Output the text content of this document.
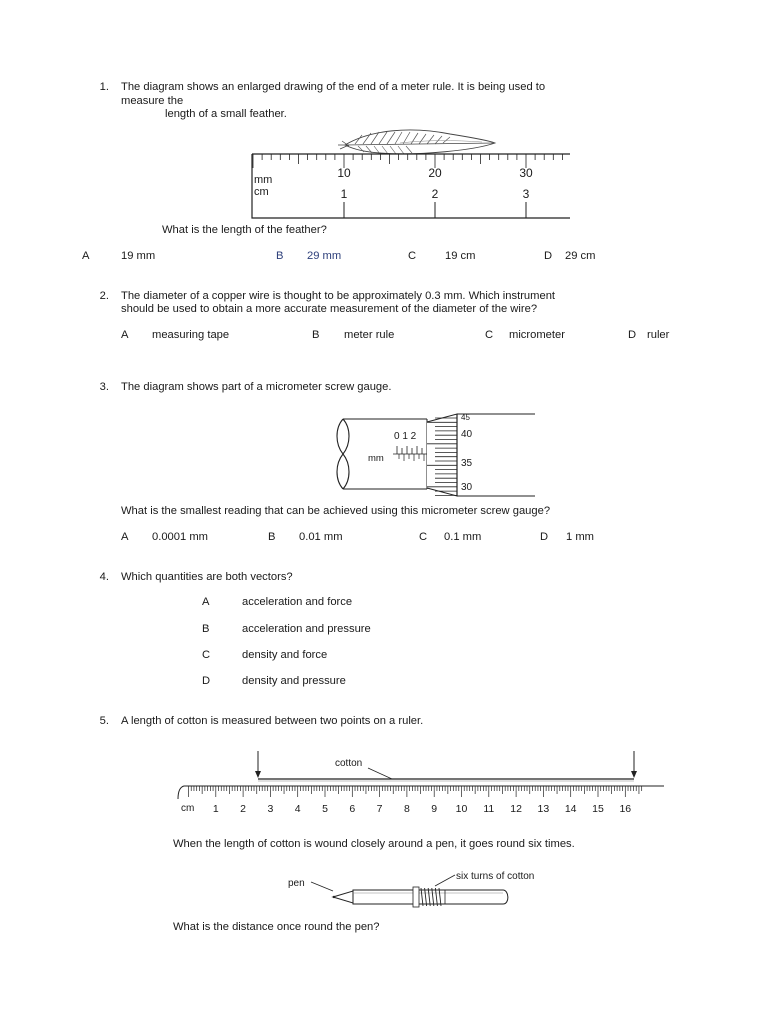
1. The diagram shows an enlarged drawing of the end of a meter rule. It is being used to
measure the
length of a small feather.
mm
cm
10	20	30
1	2	3
What is the length of the feather?
A	19 mm	B 29 mm	C	19 cm	D 29 cm
2. The diameter of a copper wire is thought to be approximately 0.3 mm. Which instrument
should be used to obtain a more accurate measurement of the diameter of the wire?
A measuring tape	B meter rule	C micrometer	D ruler
3. The diagram shows part of a micrometer screw gauge.
0 1 2
mm
45
40
35
30
What is the smallest reading that can be achieved using this micrometer screw gauge?
A 0.0001 mm	B 0.01 mm	C 0.1 mm	D 1 mm
4. Which quantities are both vectors?
A	acceleration and force
B	acceleration and pressure
C	density and force
D	density and pressure
5. A length of cotton is measured between two points on a ruler.
cotton
cm 1 2 3 4 5 6 7 8 9 10 11 12 13 14 15 16
When the length of cotton is wound closely around a pen, it goes round six times.
pen
six turns of cotton
What is the distance once round the pen?
